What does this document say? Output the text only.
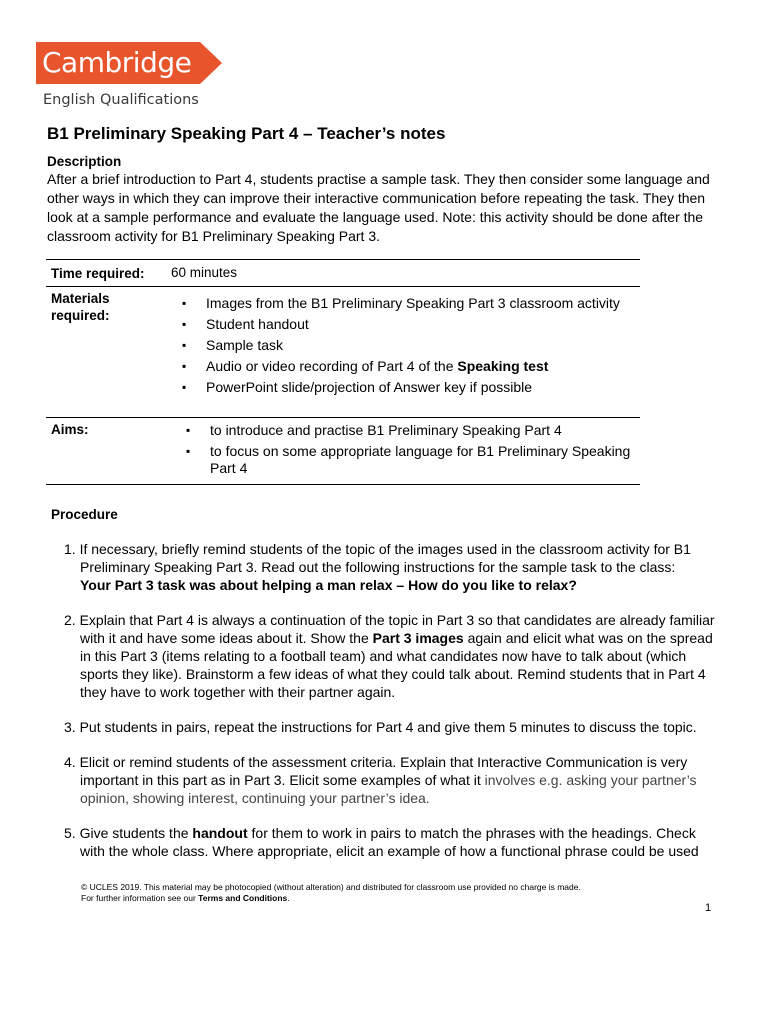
Cambridge
English Qualifications
B1 Preliminary Speaking Part 4 – Teacher’s notes
Description

After a brief introduction to Part 4, students practise a sample task. They then consider some language and other ways in which they can improve their interactive communication before repeating the task. They then look at a sample performance and evaluate the language used. Note: this activity should be done after the classroom activity for B1 Preliminary Speaking Part 3.

Time required:	60 minutes
Materials required:
▪ Images from the B1 Preliminary Speaking Part 3 classroom activity
▪ Student handout
▪ Sample task
▪ Audio or video recording of Part 4 of the Speaking test
▪ PowerPoint slide/projection of Answer key if possible
Aims:
▪	to introduce and practise B1 Preliminary Speaking Part 4
▪ to focus on some appropriate language for B1 Preliminary Speaking Part 4
Procedure
1. If necessary, briefly remind students of the topic of the images used in the classroom activity for B1 Preliminary Speaking Part 3. Read out the following instructions for the sample task to the class:
Your Part 3 task was about helping a man relax – How do you like to relax?
2. Explain that Part 4 is always a continuation of the topic in Part 3 so that candidates are already familiar with it and have some ideas about it. Show the Part 3 images again and elicit what was on the spread in this Part 3 (items relating to a football team) and what candidates now have to talk about (which sports they like). Brainstorm a few ideas of what they could talk about. Remind students that in Part 4 they have to work together with their partner again.
3. Put students in pairs, repeat the instructions for Part 4 and give them 5 minutes to discuss the topic.
4. Elicit or remind students of the assessment criteria. Explain that Interactive Communication is very important in this part as in Part 3. Elicit some examples of what it involves e.g. asking your partner’s opinion, showing interest, continuing your partner’s idea.
5. Give students the handout for them to work in pairs to match the phrases with the headings. Check with the whole class. Where appropriate, elicit an example of how a functional phrase could be used
© UCLES 2019. This material may be photocopied (without alteration) and distributed for classroom use provided no charge is made.
For further information see our Terms and Conditions.
1
